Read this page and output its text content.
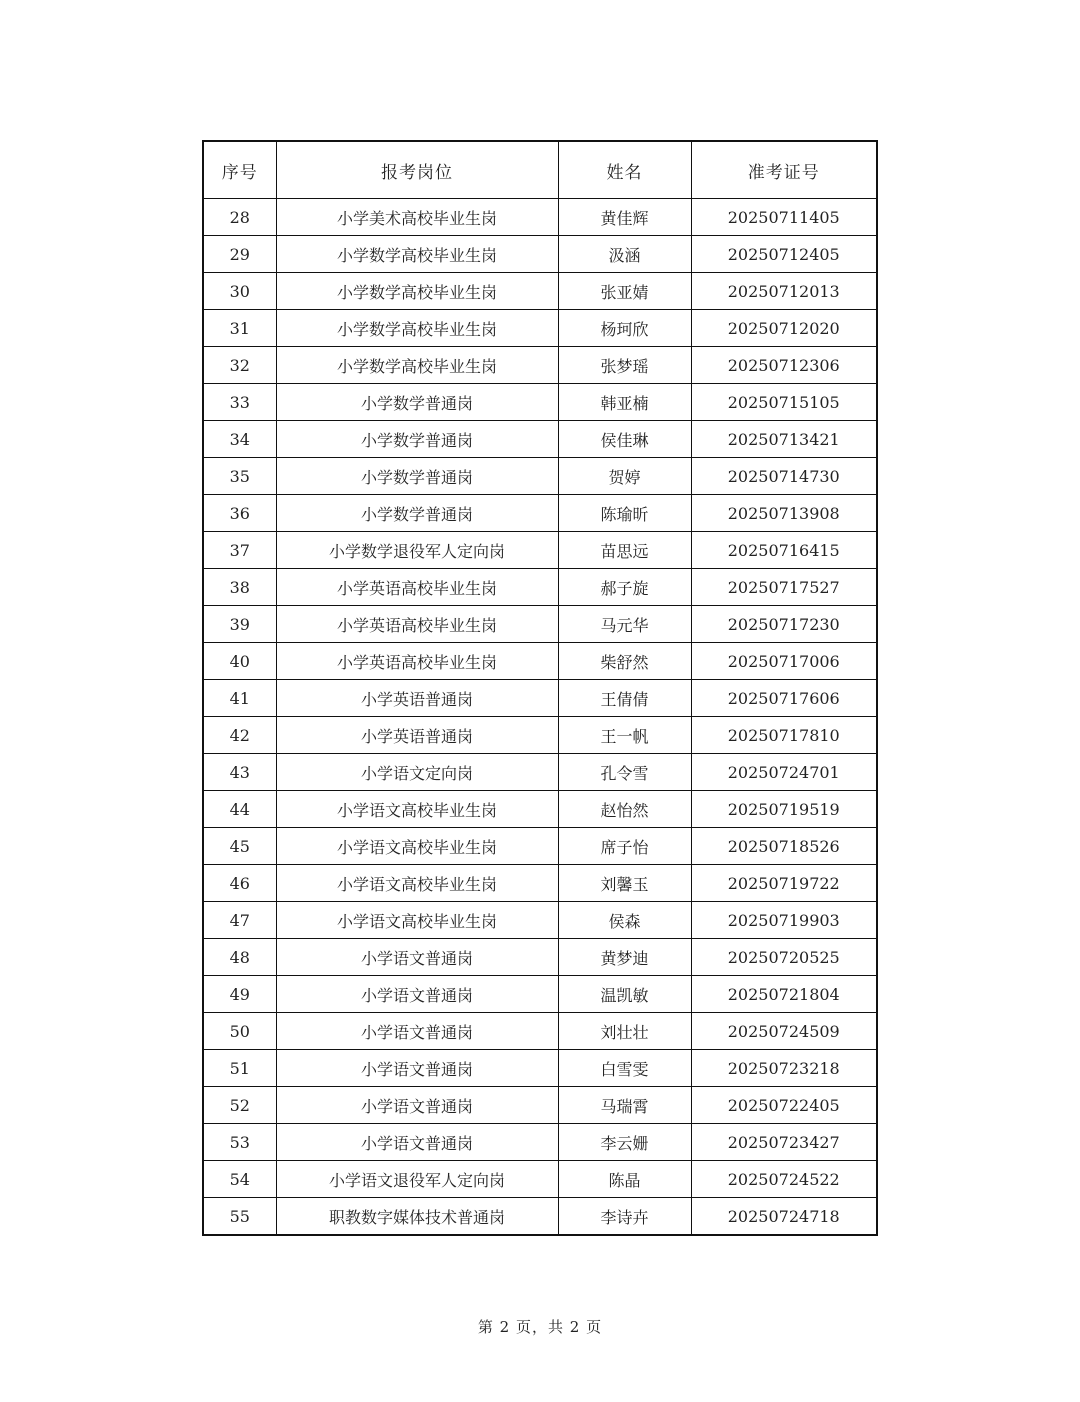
序号	报考岗位	姓名	准考证号
28	小学美术高校毕业生岗	黄佳辉	20250711405
29	小学数学高校毕业生岗	汲涵	20250712405
30	小学数学高校毕业生岗	张亚婧	20250712013
31	小学数学高校毕业生岗	杨珂欣	20250712020
32	小学数学高校毕业生岗	张梦瑶	20250712306
33	小学数学普通岗	韩亚楠	20250715105
34	小学数学普通岗	侯佳琳	20250713421
35	小学数学普通岗	贺婷	20250714730
36	小学数学普通岗	陈瑜昕	20250713908
37	小学数学退役军人定向岗	苗思远	20250716415
38	小学英语高校毕业生岗	郝子旋	20250717527
39	小学英语高校毕业生岗	马元华	20250717230
40	小学英语高校毕业生岗	柴舒然	20250717006
41	小学英语普通岗	王倩倩	20250717606
42	小学英语普通岗	王一帆	20250717810
43	小学语文定向岗	孔令雪	20250724701
44	小学语文高校毕业生岗	赵怡然	20250719519
45	小学语文高校毕业生岗	席子怡	20250718526
46	小学语文高校毕业生岗	刘馨玉	20250719722
47	小学语文高校毕业生岗	侯森	20250719903
48	小学语文普通岗	黄梦迪	20250720525
49	小学语文普通岗	温凯敏	20250721804
50	小学语文普通岗	刘壮壮	20250724509
51	小学语文普通岗	白雪雯	20250723218
52	小学语文普通岗	马瑞霄	20250722405
53	小学语文普通岗	李云姗	20250723427
54	小学语文退役军人定向岗	陈晶	20250724522
55	职教数字媒体技术普通岗	李诗卉	20250724718
第 2 页，共 2 页
